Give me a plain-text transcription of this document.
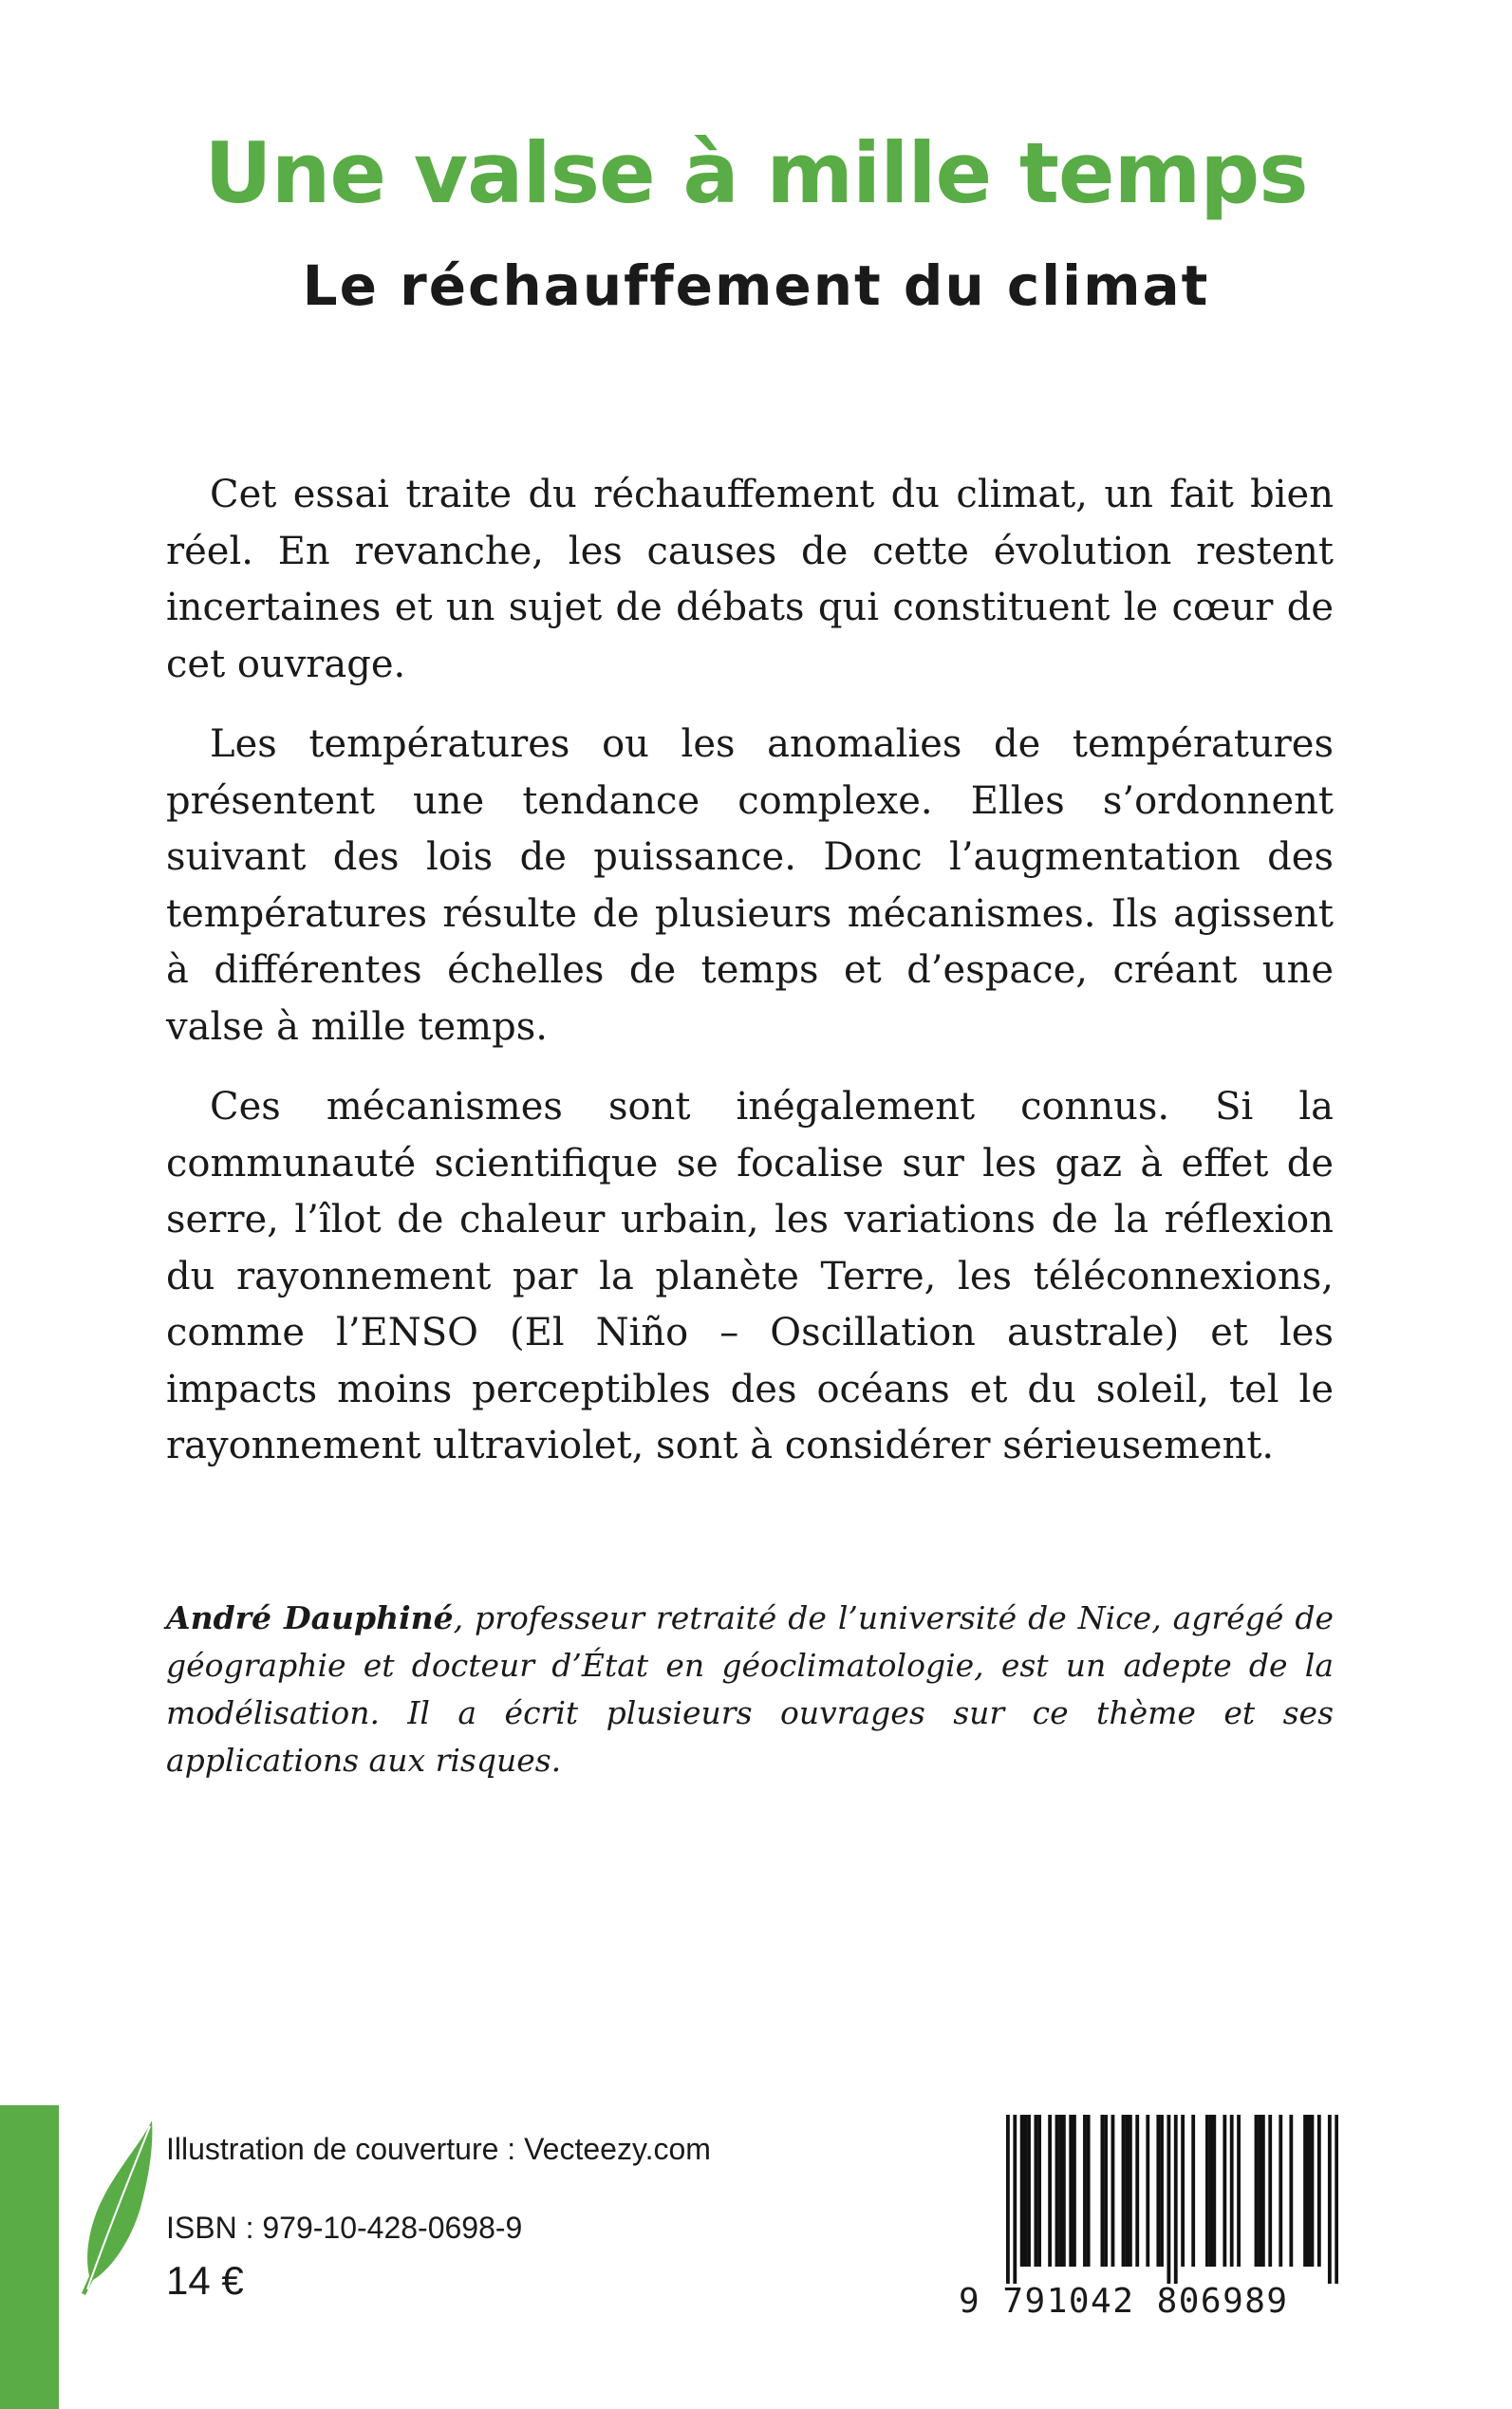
Une valse à mille temps
Le réchauffement du climat

Cet essai traite du réchauffement du climat, un fait bien réel. En revanche, les causes de cette évolution restent incertaines et un sujet de débats qui constituent le cœur de cet ouvrage.

Les températures ou les anomalies de températures présentent une tendance complexe. Elles s’ordonnent suivant des lois de puissance. Donc l’augmentation des températures résulte de plusieurs mécanismes. Ils agissent à différentes échelles de temps et d’espace, créant une valse à mille temps.

Ces mécanismes sont inégalement connus. Si la communauté scientifique se focalise sur les gaz à effet de serre, l’îlot de chaleur urbain, les variations de la réflexion du rayonnement par la planète Terre, les téléconnexions, comme l’ENSO (El Niño – Oscillation australe) et les impacts moins perceptibles des océans et du soleil, tel le rayonnement ultraviolet, sont à considérer sérieusement.

André Dauphiné, professeur retraité de l’université de Nice, agrégé de géographie et docteur d’État en géoclimatologie, est un adepte de la modélisation. Il a écrit plusieurs ouvrages sur ce thème et ses applications aux risques.

Illustration de couverture : Vecteezy.com
ISBN : 979-10-428-0698-9
14 €	9 791042 806989
